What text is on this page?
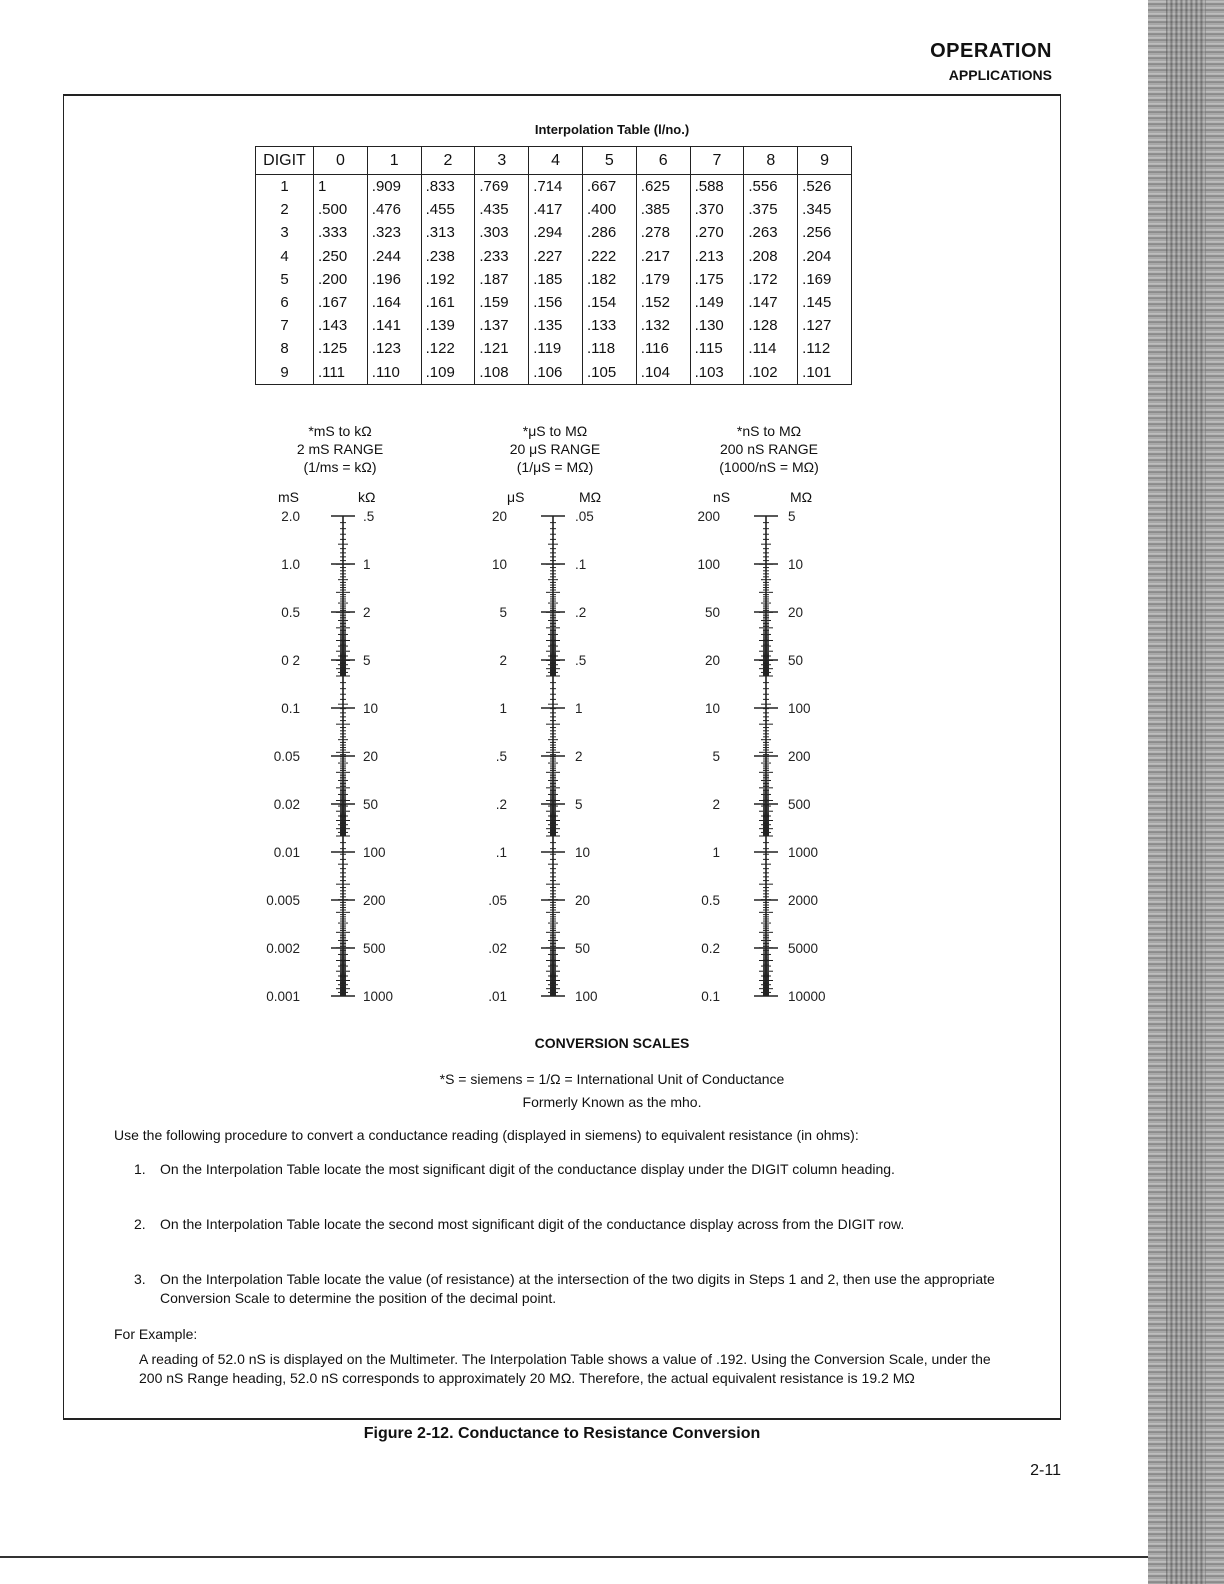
OPERATION
APPLICATIONS
Interpolation Table (l/no.)
DIGIT	0	1	2	3	4	5	6	7	8	9
1	1	.909	.833	.769	.714	.667	.625	.588	.556	.526
2	.500	.476	.455	.435	.417	.400	.385	.370	.375	.345
3	.333	.323	.313	.303	.294	.286	.278	.270	.263	.256
4	.250	.244	.238	.233	.227	.222	.217	.213	.208	.204
5	.200	.196	.192	.187	.185	.182	.179	.175	.172	.169
6	.167	.164	.161	.159	.156	.154	.152	.149	.147	.145
7	.143	.141	.139	.137	.135	.133	.132	.130	.128	.127
8	.125	.123	.122	.121	.119	.118	.116	.115	.114	.112
9	.111	.110	.109	.108	.106	.105	.104	.103	.102	.101
*mS to kΩ
2 mS RANGE
(1/ms = kΩ)
*μS to MΩ
20 μS RANGE
(1/μS = MΩ)
*nS to MΩ
200 nS RANGE
(1000/nS = MΩ)
mS	kΩ	μS	MΩ	nS	MΩ
2.0	.5
1.0	1
0.5	2
0 2	5
0.1	10
0.05	20
0.02	50
0.01	100
0.005	200
0.002	500
0.001	1000
20	.05
10	.1
5	.2
2	.5
1	1
.5	2
.2	5
.1	10
.05	20
.02	50
.01	100
200	5
100	10
50	20
20	50
10	100
5	200
2	500
1	1000
0.5	2000
0.2	5000
0.1	10000
CONVERSION SCALES
*S = siemens = 1/Ω = International Unit of Conductance
Formerly Known as the mho.
Use the following procedure to convert a conductance reading (displayed in siemens) to equivalent resistance (in ohms):
1. On the Interpolation Table locate the most significant digit of the conductance display under the DIGIT column heading.
2. On the Interpolation Table locate the second most significant digit of the conductance display across from the DIGIT row.
3. On the Interpolation Table locate the value (of resistance) at the intersection of the two digits in Steps 1 and 2, then use the appropriate Conversion Scale to determine the position of the decimal point.
For Example:
A reading of 52.0 nS is displayed on the Multimeter. The Interpolation Table shows a value of .192. Using the Conversion Scale, under the 200 nS Range heading, 52.0 nS corresponds to approximately 20 MΩ. Therefore, the actual equivalent resistance is 19.2 MΩ
Figure 2-12. Conductance to Resistance Conversion
2-11
